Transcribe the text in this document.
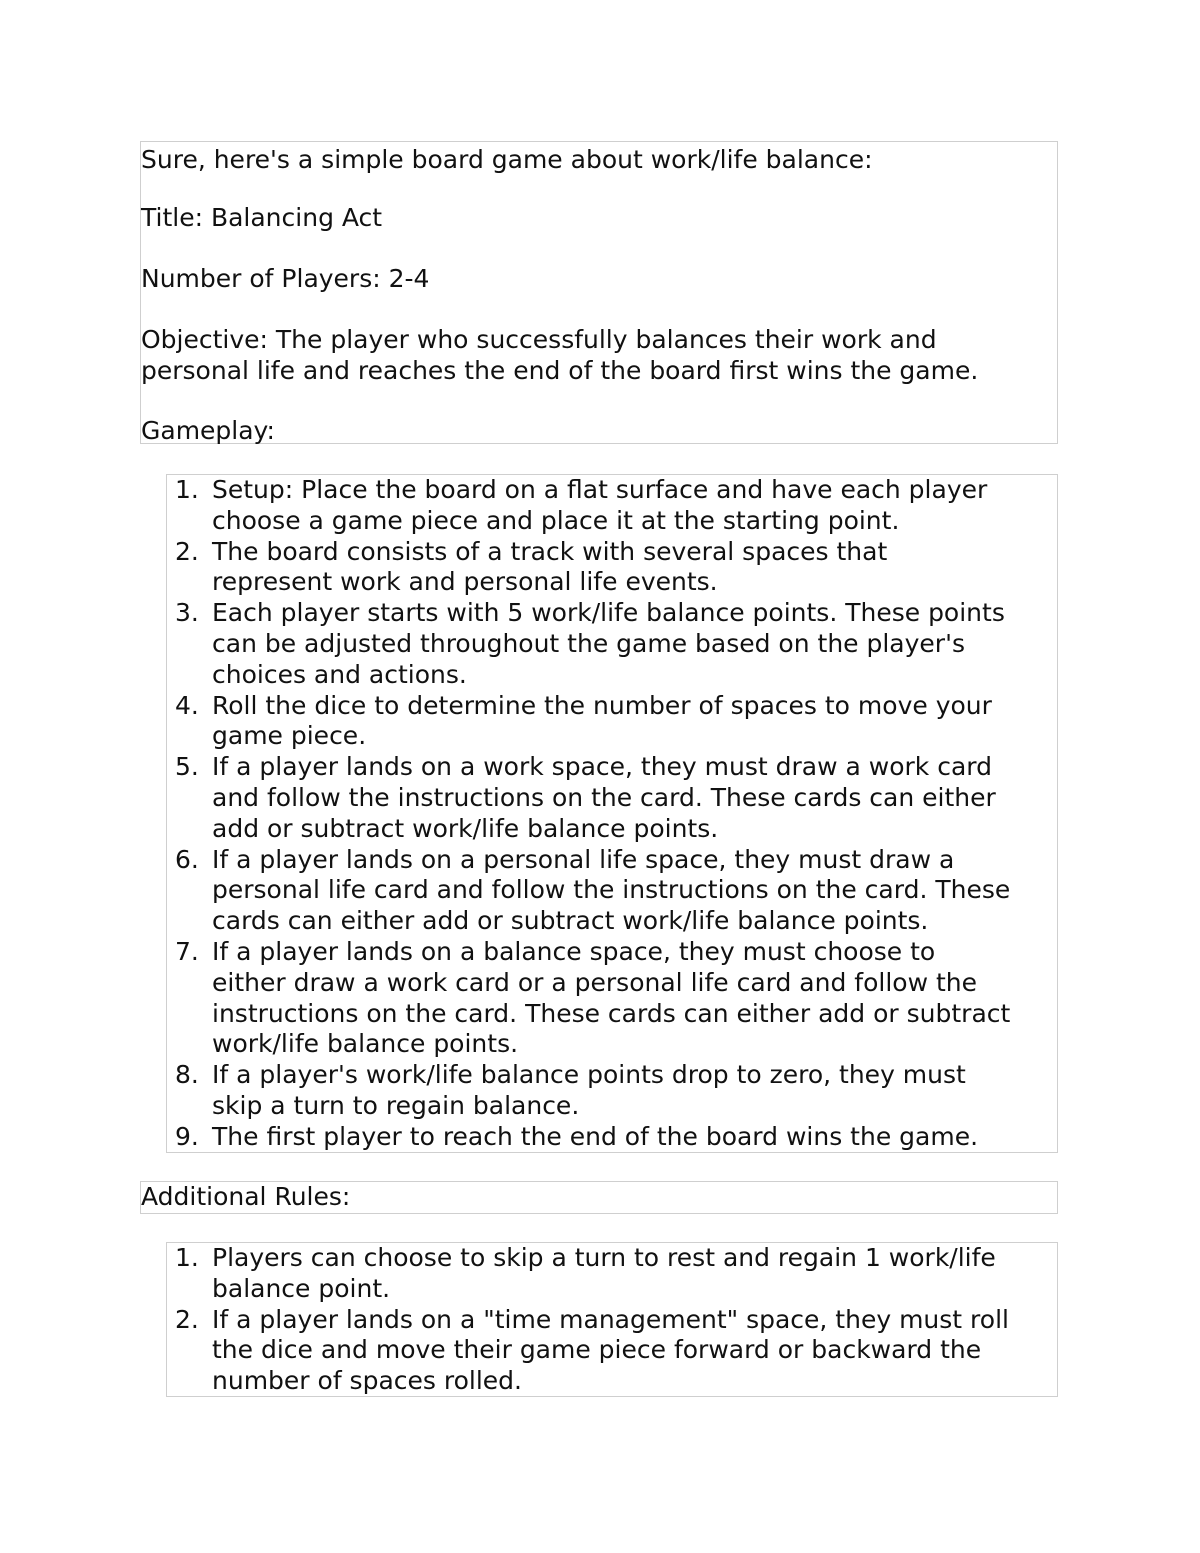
Sure, here's a simple board game about work/life balance:

Title: Balancing Act

Number of Players: 2-4

Objective: The player who successfully balances their work and personal life and reaches the end of the board first wins the game.

Gameplay:

1. Setup: Place the board on a flat surface and have each player
choose a game piece and place it at the starting point.
2. The board consists of a track with several spaces that
represent work and personal life events.
3. Each player starts with 5 work/life balance points. These points
can be adjusted throughout the game based on the player's
choices and actions.
4. Roll the dice to determine the number of spaces to move your
game piece.
5. If a player lands on a work space, they must draw a work card
and follow the instructions on the card. These cards can either
add or subtract work/life balance points.
6. If a player lands on a personal life space, they must draw a
personal life card and follow the instructions on the card. These
cards can either add or subtract work/life balance points.
7. If a player lands on a balance space, they must choose to
either draw a work card or a personal life card and follow the
instructions on the card. These cards can either add or subtract
work/life balance points.
8. If a player's work/life balance points drop to zero, they must
skip a turn to regain balance.
9. The first player to reach the end of the board wins the game.

Additional Rules:

1. Players can choose to skip a turn to rest and regain 1 work/life
balance point.
2. If a player lands on a "time management" space, they must roll
the dice and move their game piece forward or backward the
number of spaces rolled.
